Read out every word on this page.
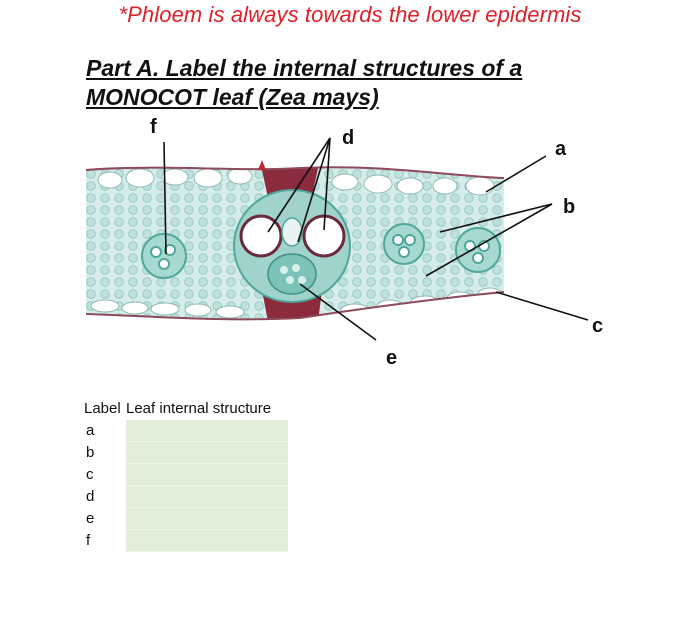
*Phloem is always towards the lower epidermis
Part A. Label the internal structures of a
MONOCOT leaf (Zea mays)
f	d	a
b
c
e
Label	Leaf internal structure
a	
b	
c	
d	
e	
f	
